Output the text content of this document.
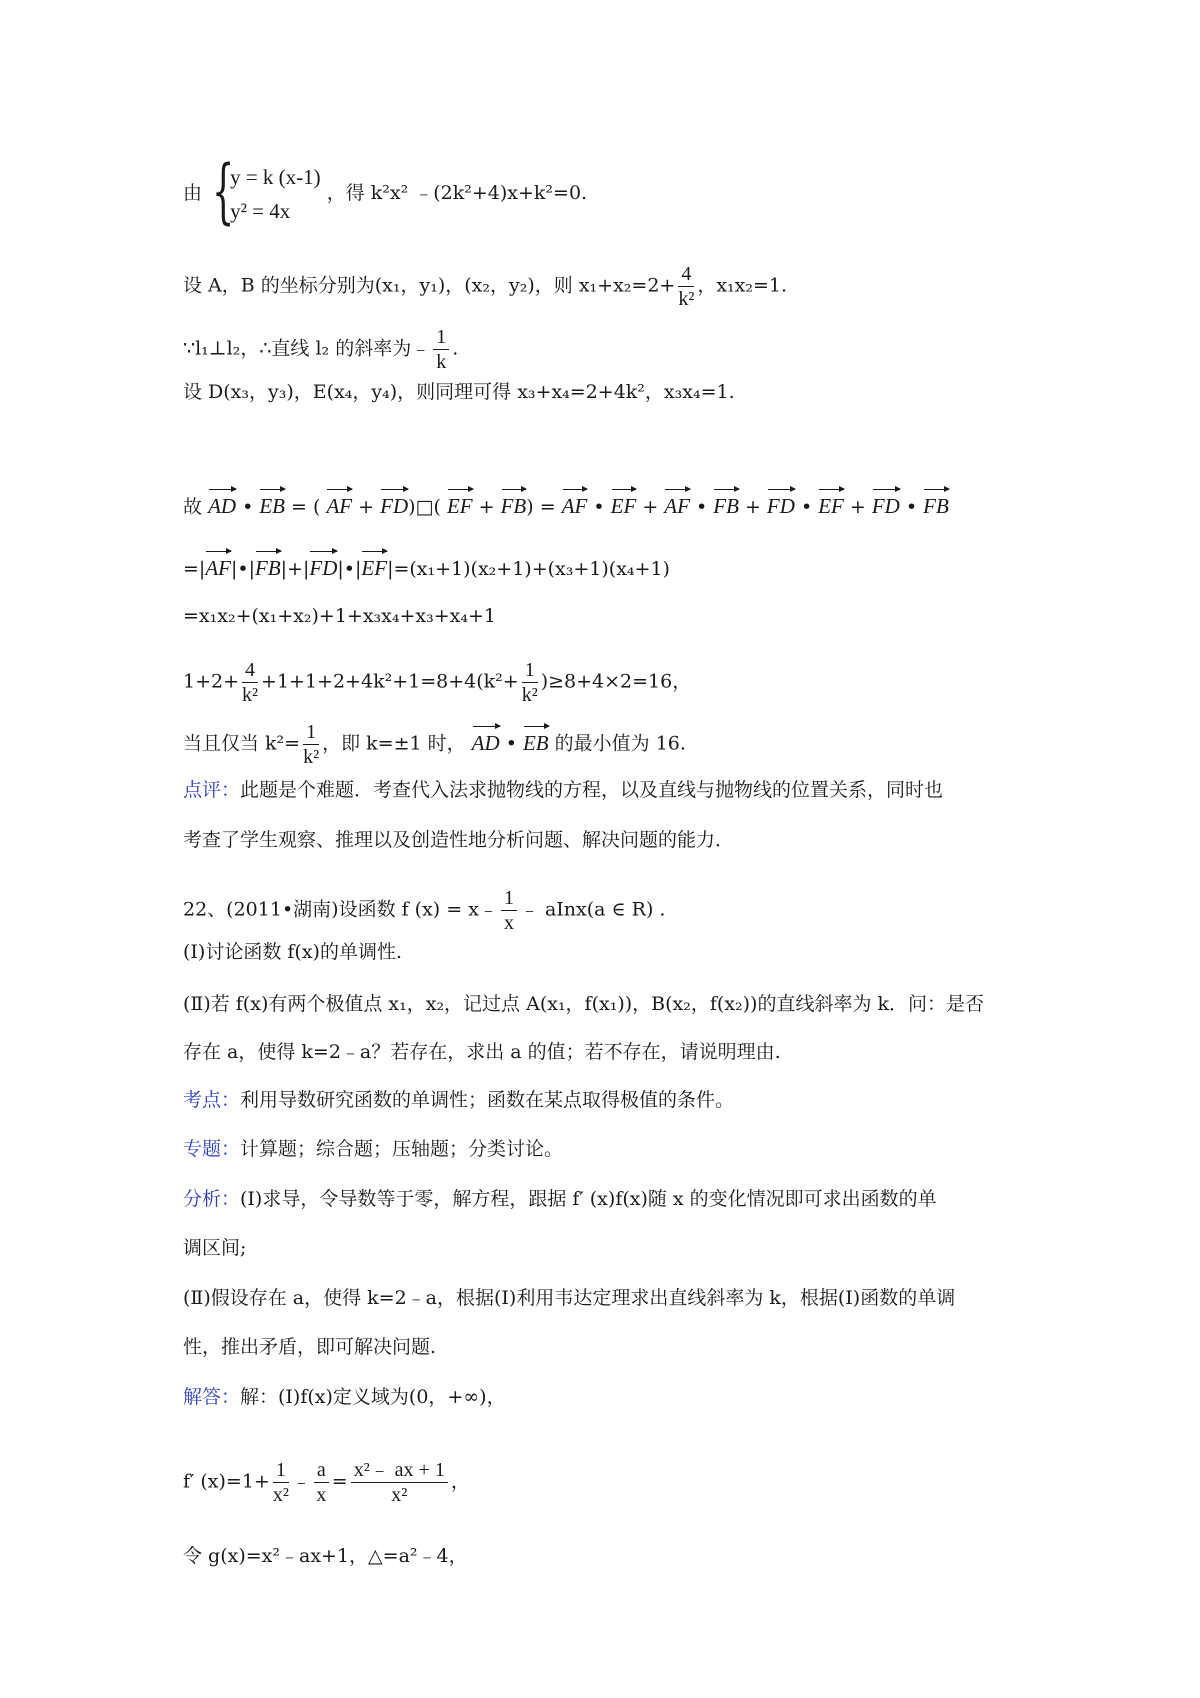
由 {
y = k (x-1)
y² = 4x
，得 k²x² ﹣(2k²+4)x+k²=0.
设 A，B 的坐标分别为(x₁，y₁)，(x₂，y₂)，则 $x_1+x_2=2+ \frac{4}{\text{k²}}$ ，x₁x₂=1.
∵l₁⊥l₂，∴直线 l₂ 的斜率为﹣ $\frac{1}{k}$ .
设 D(x₃，y₃)，E(x₄，y₄)，则同理可得 x₃+x₄=2+4k²，x₃x₄=1.
故 AD • EB = ( AF + FD)□( EF + FB) = AF • EF + AF • FB + FD • EF + FD • FB
=|AF|•|FB|+|FD|•|EF|=(x₁+1)(x₂+1)+(x₃+1)(x₄+1)
=x₁x₂+(x₁+x₂)+1+x₃x₄+x₃+x₄+1
$1+2+ \frac{4}{\text{k²}} +1+1+2+4k^2+1=8+4(k^2+ \frac{1}{\text{k²}} )\ge 8+4\times 2=16$，
当且仅当 $k^2= \frac{1}{\text{k²}}$ ，即 k=±1 时， AD • EB 的最小值为 16.
点评：此题是个难题．考查代入法求抛物线的方程，以及直线与抛物线的位置关系，同时也
考查了学生观察、推理以及创造性地分析问题、解决问题的能力．
22、(2011•湖南)设函数 f (x) = x﹣ $\frac{1}{x}$ ﹣ aInx(a ∈ R) .
(Ⅰ)讨论函数 f(x)的单调性.
(Ⅱ)若 f(x)有两个极值点 x₁，x₂，记过点 A(x₁，f(x₁))，B(x₂，f(x₂))的直线斜率为 k．问：是否
存在 a，使得 k=2﹣a？若存在，求出 a 的值；若不存在，请说明理由.
考点：利用导数研究函数的单调性；函数在某点取得极值的条件。
专题：计算题；综合题；压轴题；分类讨论。
分析：(Ⅰ)求导，令导数等于零，解方程，跟据 f′ (x)f(x)随 x 的变化情况即可求出函数的单
调区间;
(Ⅱ)假设存在 a，使得 k=2﹣a，根据(I)利用韦达定理求出直线斜率为 k，根据(I)函数的单调
性，推出矛盾，即可解决问题.
解答：解：(I)f(x)定义域为(0，+∞)，
f′ $(x)=1+ \frac{1}{\text{x²}}$ ﹣ $\frac{a}{x} = \frac{\text{x²﹣ ax + 1}}{\text{x²}}$ ，
令 g(x)=x²﹣ax+1，△=a²﹣4，
